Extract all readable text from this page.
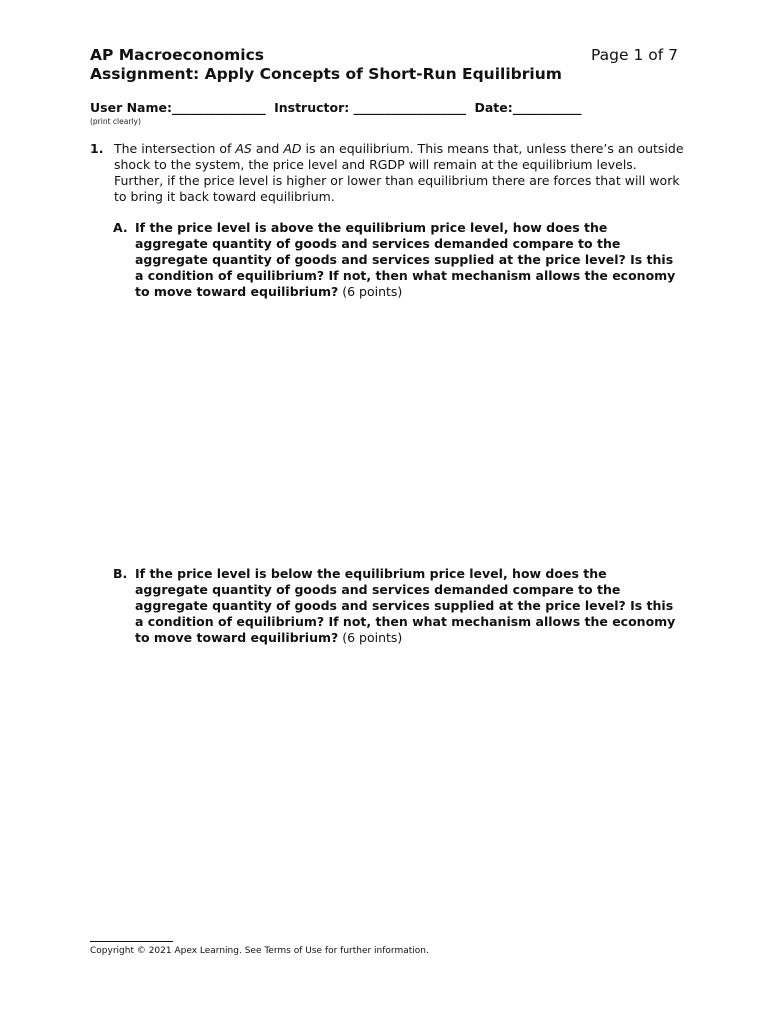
AP Macroeconomics	Page 1 of 7
Assignment: Apply Concepts of Short-Run Equilibrium
User Name:_______________ Instructor: __________________ Date:___________
(print clearly)
1. The intersection of AS and AD is an equilibrium. This means that, unless there’s an outside shock to the system, the price level and RGDP will remain at the equilibrium levels. Further, if the price level is higher or lower than equilibrium there are forces that will work to bring it back toward equilibrium.
A. If the price level is above the equilibrium price level, how does the aggregate quantity of goods and services demanded compare to the aggregate quantity of goods and services supplied at the price level? Is this a condition of equilibrium? If not, then what mechanism allows the economy to move toward equilibrium? (6 points)
B. If the price level is below the equilibrium price level, how does the aggregate quantity of goods and services demanded compare to the aggregate quantity of goods and services supplied at the price level? Is this a condition of equilibrium? If not, then what mechanism allows the economy to move toward equilibrium? (6 points)
Copyright © 2021 Apex Learning. See Terms of Use for further information.
